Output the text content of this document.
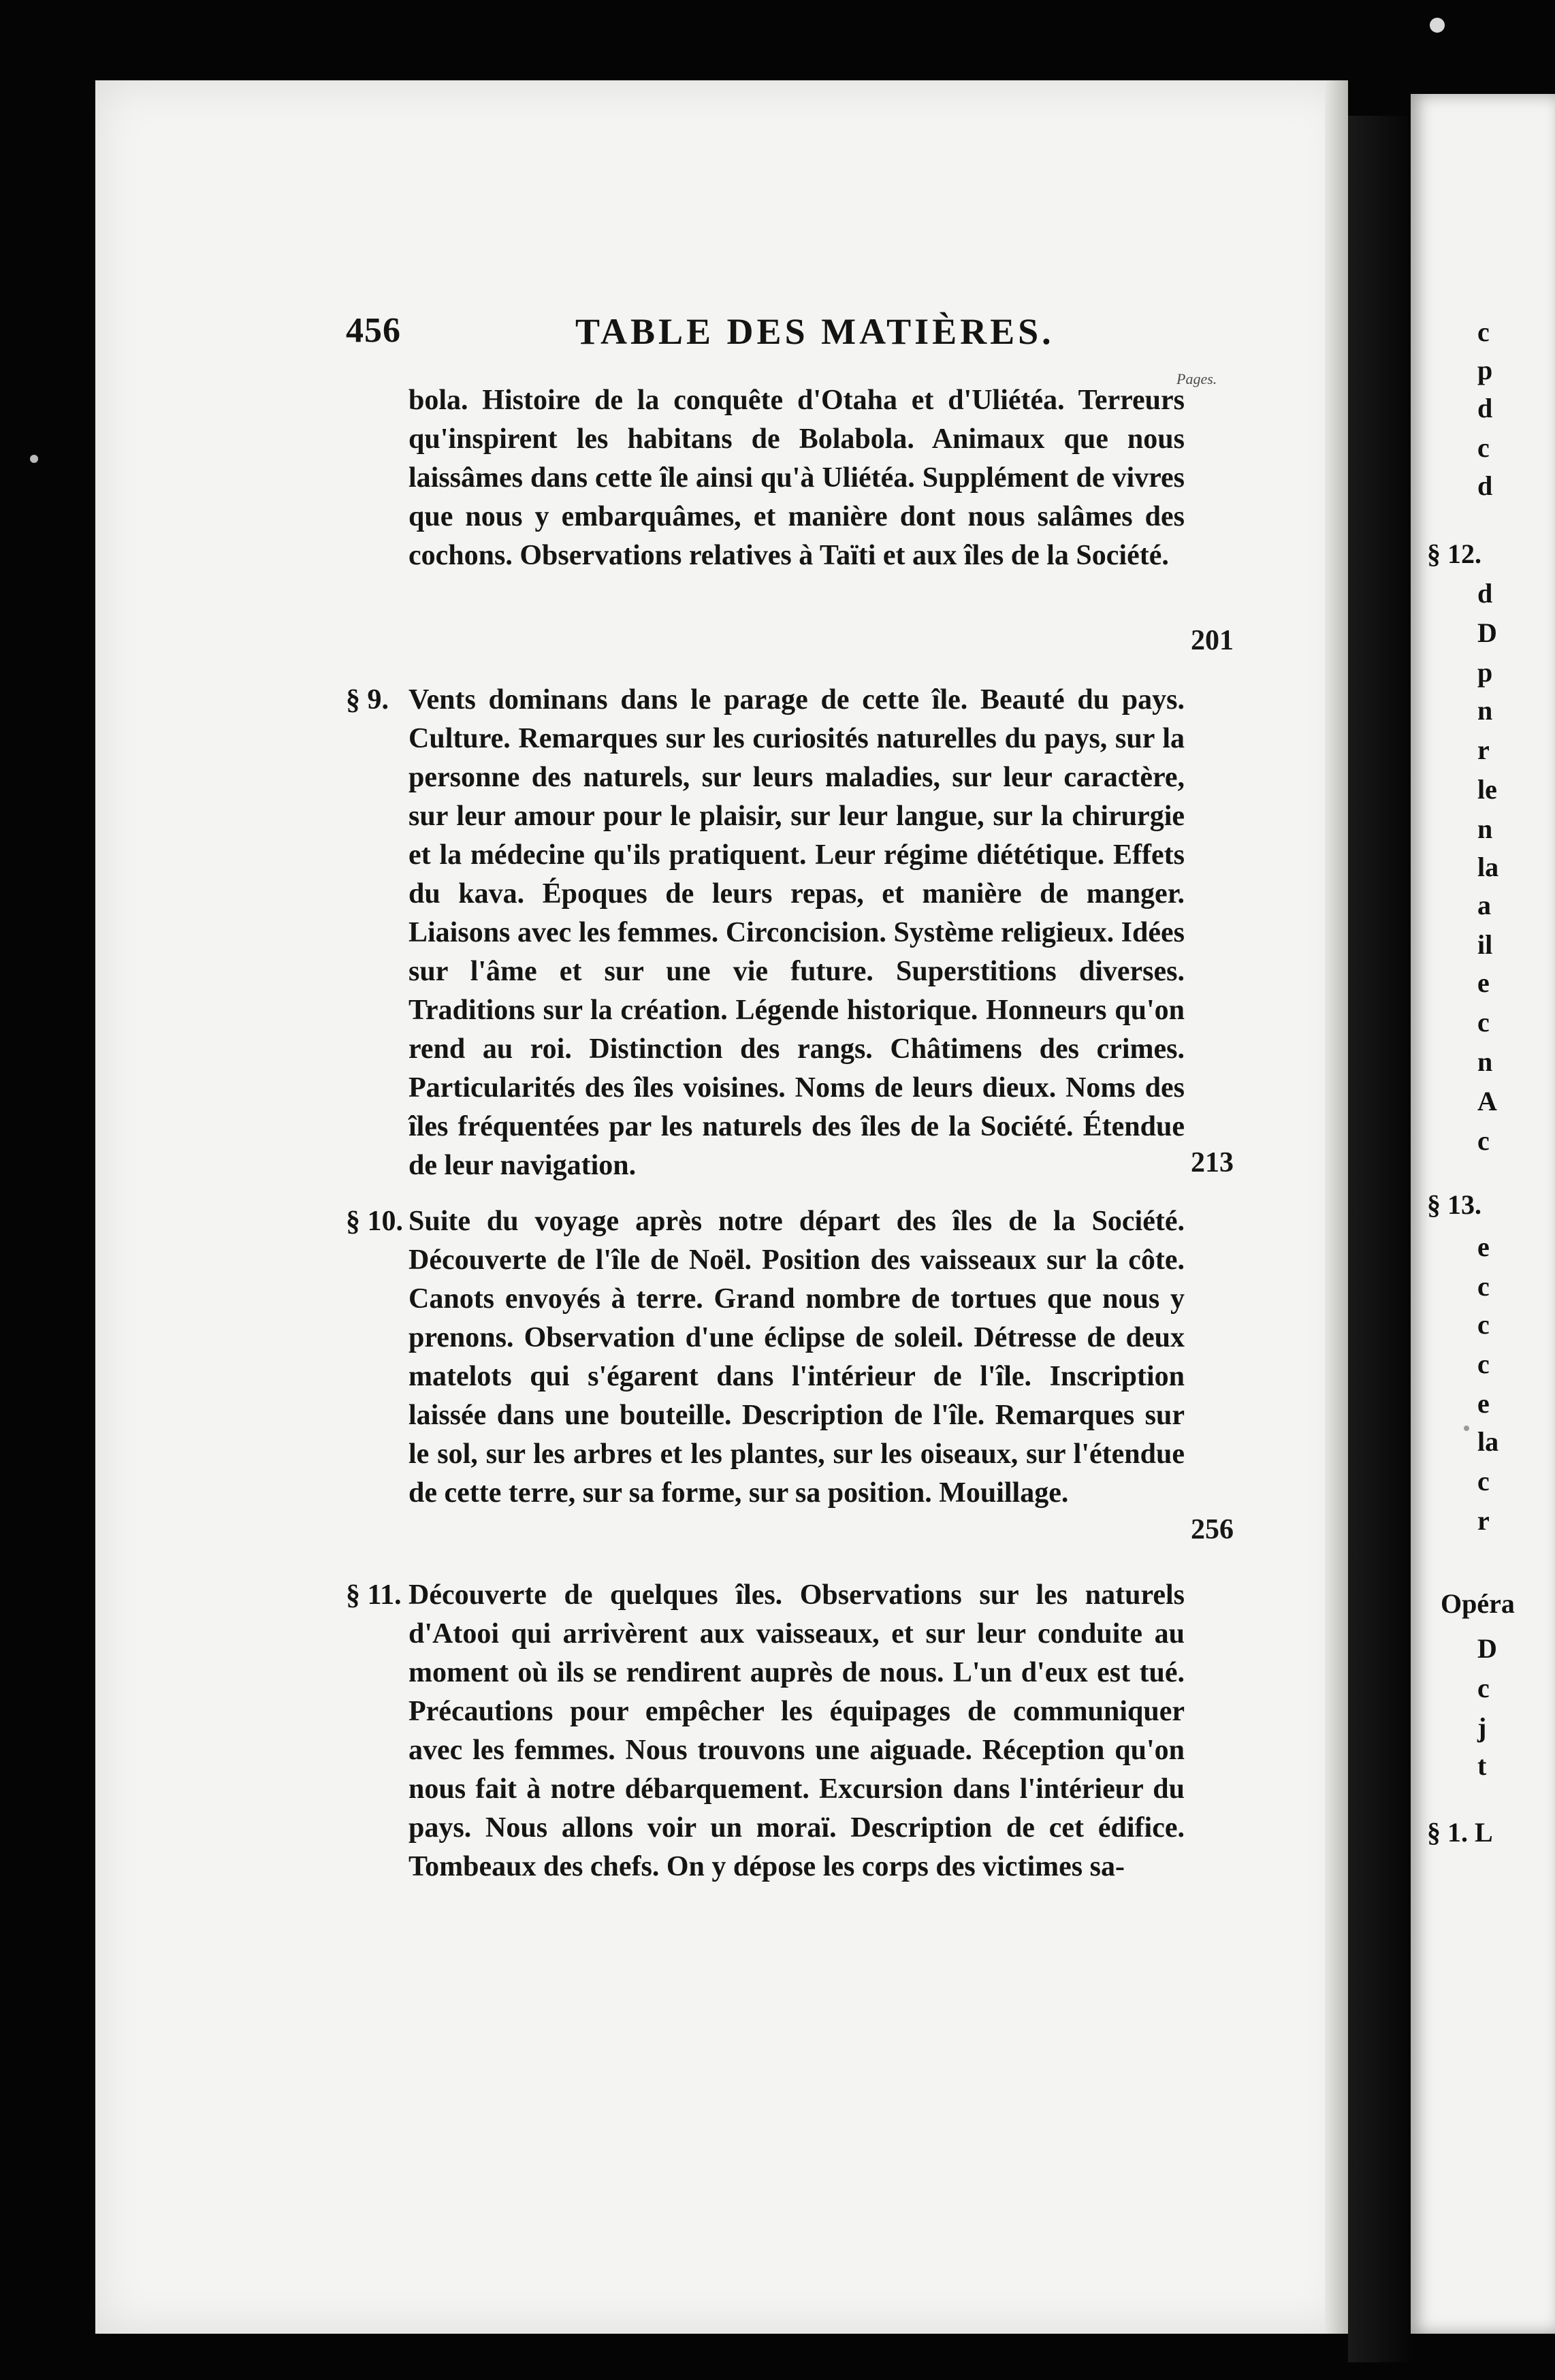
c
p
d
c
d
§ 12.
d
D
p
n
r
le
n
la
a
il
e
c
n
A
c
§ 13.
e
c
c
c
e
la
c
r
Opéra
D
c
j
t
§ 1. L
456	TABLE DES MATIÈRES.
Pages.
bola. Histoire de la conquête d'Otaha et d'Uliétéa. Terreurs qu'inspirent les habitans de Bolabola. Animaux que nous laissâmes dans cette île ainsi qu'à Uliétéa. Supplément de vivres que nous y embarquâmes, et manière dont nous salâmes des cochons. Observations relatives à Taïti et aux îles de la Société.
201
§ 9. Vents dominans dans le parage de cette île. Beauté du pays. Culture. Remarques sur les curiosités naturelles du pays, sur la personne des naturels, sur leurs maladies, sur leur caractère, sur leur amour pour le plaisir, sur leur langue, sur la chirurgie et la médecine qu'ils pratiquent. Leur régime diététique. Effets du kava. Époques de leurs repas, et manière de manger. Liaisons avec les femmes. Circoncision. Système religieux. Idées sur l'âme et sur une vie future. Superstitions diverses. Traditions sur la création. Légende historique. Honneurs qu'on rend au roi. Distinction des rangs. Châtimens des crimes. Particularités des îles voisines. Noms de leurs dieux. Noms des îles fréquentées par les naturels des îles de la Société. Étendue de leur navigation.	213
§ 10. Suite du voyage après notre départ des îles de la Société. Découverte de l'île de Noël. Position des vaisseaux sur la côte. Canots envoyés à terre. Grand nombre de tortues que nous y prenons. Observation d'une éclipse de soleil. Détresse de deux matelots qui s'égarent dans l'intérieur de l'île. Inscription laissée dans une bouteille. Description de l'île. Remarques sur le sol, sur les arbres et les plantes, sur les oiseaux, sur l'étendue de cette terre, sur sa forme, sur sa position. Mouillage.
256
§ 11. Découverte de quelques îles. Observations sur les naturels d'Atooi qui arrivèrent aux vaisseaux, et sur leur conduite au moment où ils se rendirent auprès de nous. L'un d'eux est tué. Précautions pour empêcher les équipages de communiquer avec les femmes. Nous trouvons une aiguade. Réception qu'on nous fait à notre débarquement. Excursion dans l'intérieur du pays. Nous allons voir un moraï. Description de cet édifice. Tombeaux des chefs. On y dépose les corps des victimes sa-
